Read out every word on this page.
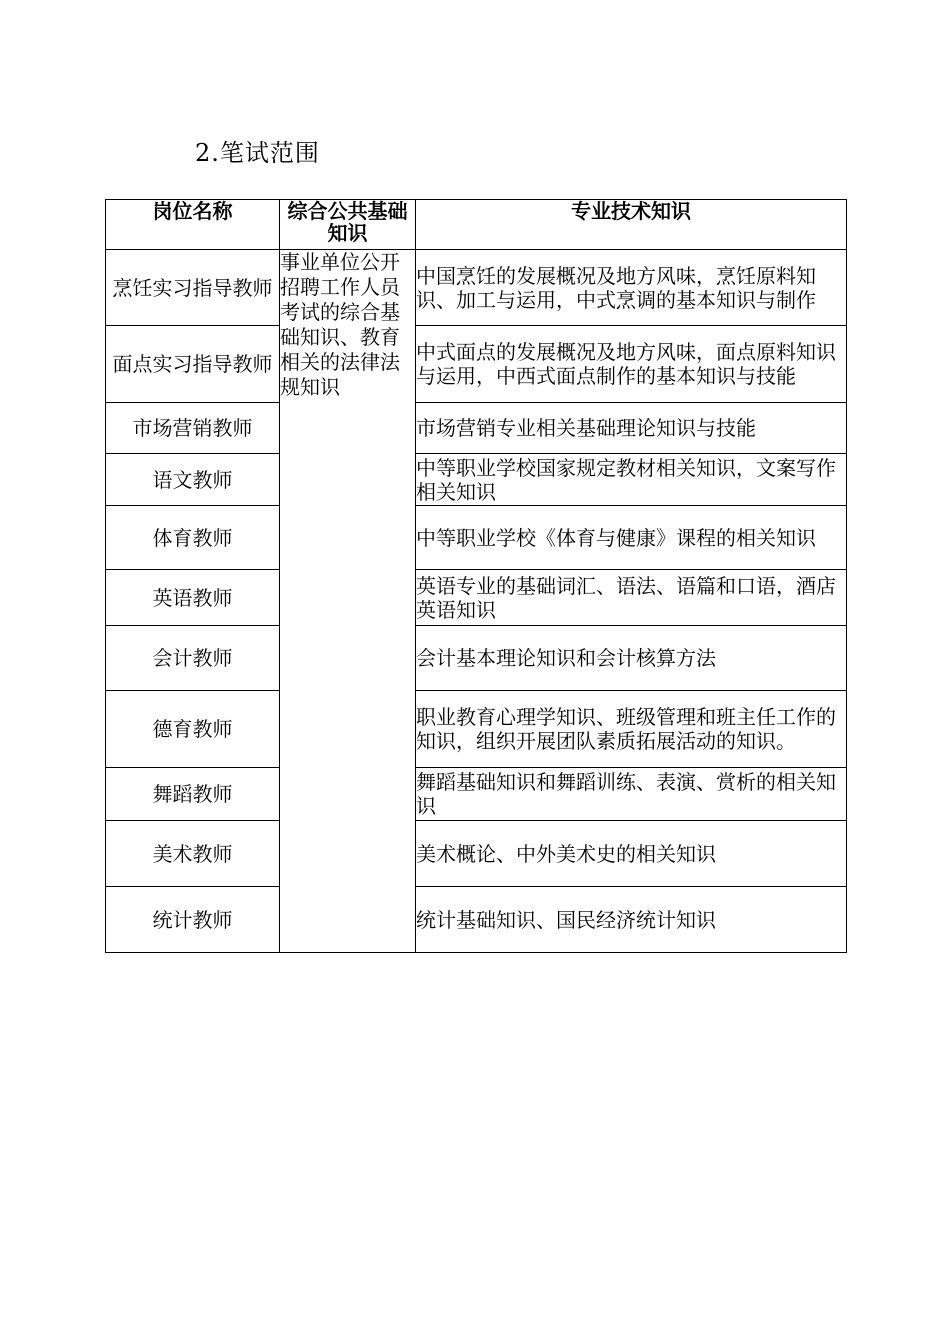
2.笔试范围
岗位名称	综合公共基础知识	专业技术知识
烹饪实习指导教师	事业单位公开招聘工作人员考试的综合基础知识、教育相关的法律法规知识	中国烹饪的发展概况及地方风味，烹饪原料知识、加工与运用，中式烹调的基本知识与制作
面点实习指导教师		中式面点的发展概况及地方风味，面点原料知识与运用，中西式面点制作的基本知识与技能
市场营销教师		市场营销专业相关基础理论知识与技能
语文教师		中等职业学校国家规定教材相关知识，文案写作相关知识
体育教师		中等职业学校《体育与健康》课程的相关知识
英语教师		英语专业的基础词汇、语法、语篇和口语，酒店英语知识
会计教师		会计基本理论知识和会计核算方法
德育教师		职业教育心理学知识、班级管理和班主任工作的知识，组织开展团队素质拓展活动的知识。
舞蹈教师		舞蹈基础知识和舞蹈训练、表演、赏析的相关知识
美术教师		美术概论、中外美术史的相关知识
统计教师		统计基础知识、国民经济统计知识
